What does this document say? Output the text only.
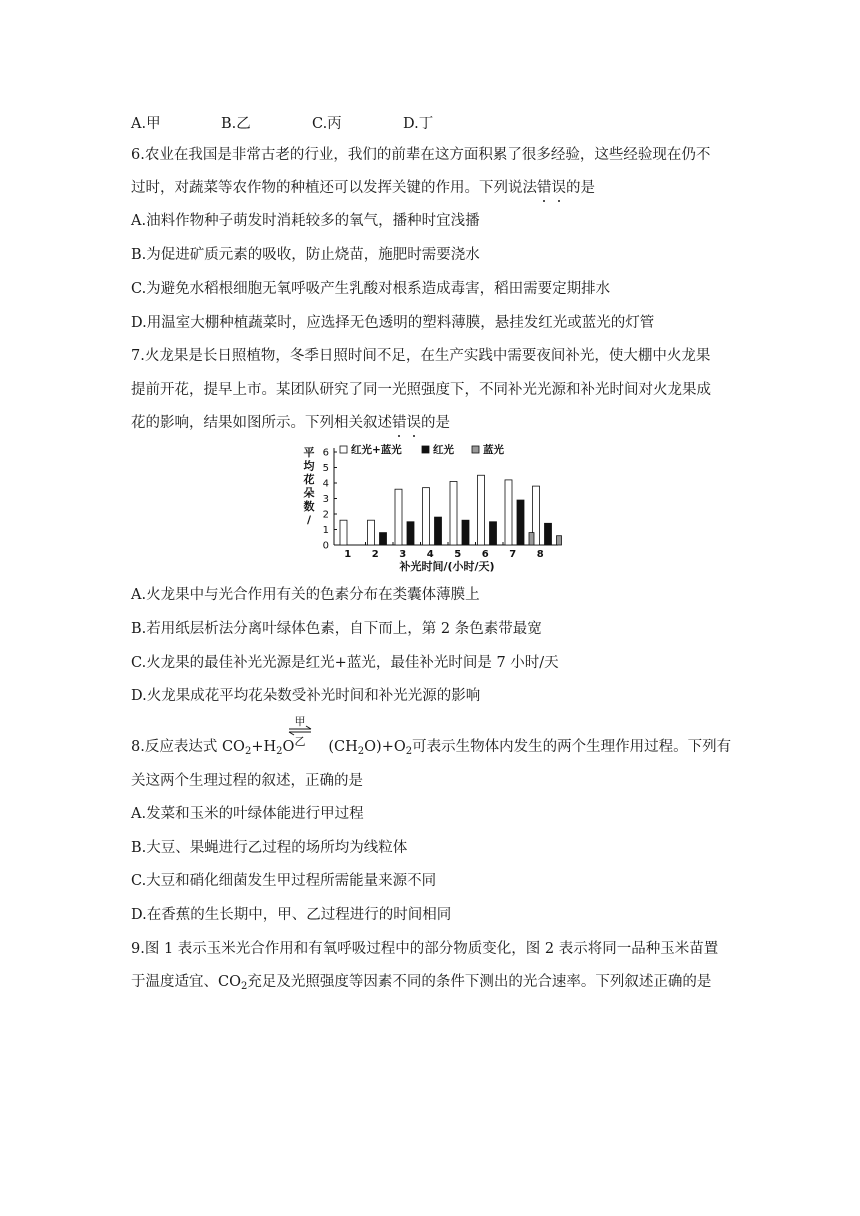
A.甲	B.乙	C.丙	D.丁
6.农业在我国是非常古老的行业，我们的前辈在这方面积累了很多经验，这些经验现在仍不
过时，对蔬菜等农作物的种植还可以发挥关键的作用。下列说法错误的是
A.油料作物种子萌发时消耗较多的氧气，播种时宜浅播
B.为促进矿质元素的吸收，防止烧苗，施肥时需要浇水
C.为避免水稻根细胞无氧呼吸产生乳酸对根系造成毒害，稻田需要定期排水
D.用温室大棚种植蔬菜时，应选择无色透明的塑料薄膜，悬挂发红光或蓝光的灯管
7.火龙果是长日照植物，冬季日照时间不足，在生产实践中需要夜间补光，使大棚中火龙果
提前开花，提早上市。某团队研究了同一光照强度下，不同补光光源和补光时间对火龙果成
花的影响，结果如图所示。下列相关叙述错误的是
平
均
花
朵
数
/
红光+蓝光	红光	蓝光
0
1
2
3
4
5
6
1 2 3 4 5 6 7 8
补光时间/(小时/天)
A.火龙果中与光合作用有关的色素分布在类囊体薄膜上
B.若用纸层析法分离叶绿体色素，自下而上，第 2 条色素带最宽
C.火龙果的最佳补光光源是红光+蓝光，最佳补光时间是 7 小时/天
D.火龙果成花平均花朵数受补光时间和补光光源的影响
8.反应表达式 $CO_2+H_2O$ $(CH_2O)+O_2$可表示生物体内发生的两个生理作用过程。下列有
甲
乙
关这两个生理过程的叙述，正确的是
A.发菜和玉米的叶绿体能进行甲过程
B.大豆、果蝇进行乙过程的场所均为线粒体
C.大豆和硝化细菌发生甲过程所需能量来源不同
D.在香蕉的生长期中，甲、乙过程进行的时间相同
9.图 1 表示玉米光合作用和有氧呼吸过程中的部分物质变化，图 2 表示将同一品种玉米苗置
于温度适宜、$CO_2$充足及光照强度等因素不同的条件下测出的光合速率。下列叙述正确的是
